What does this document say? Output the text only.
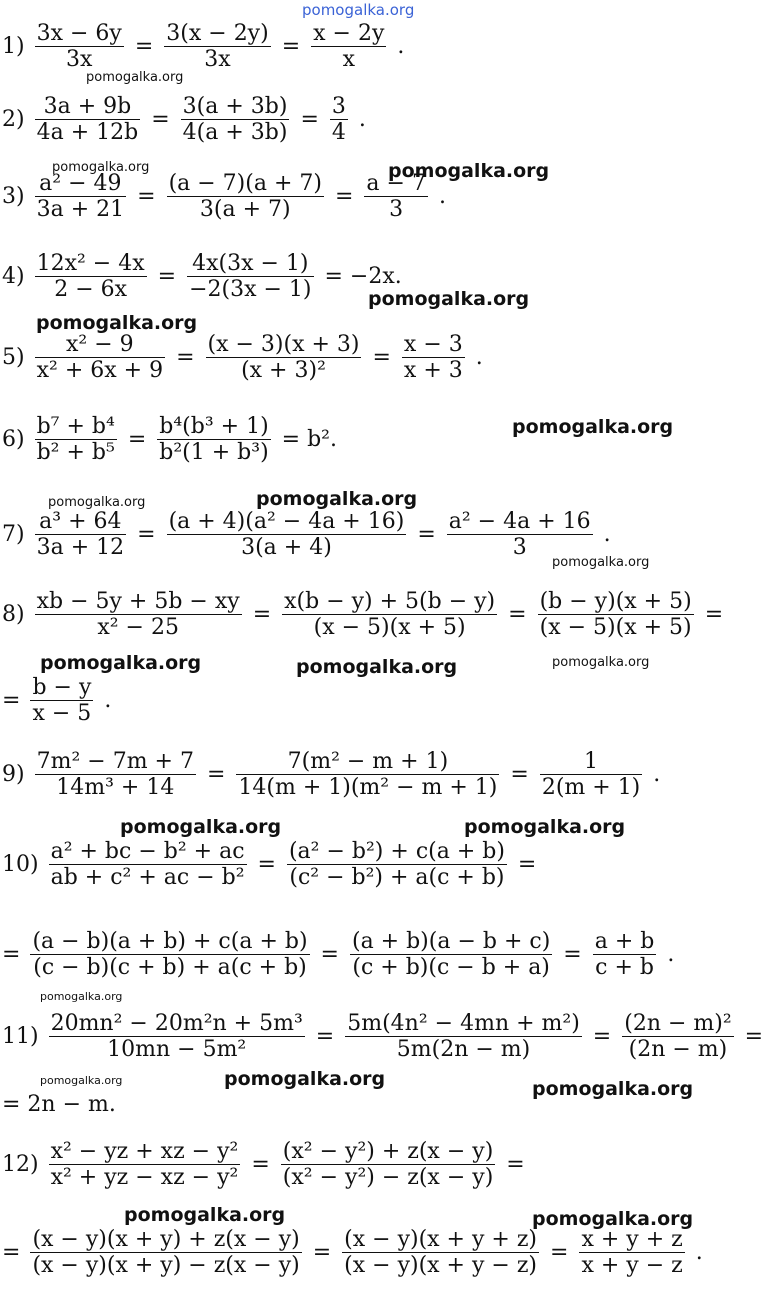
pomogalka.org
pomogalka.org
pomogalka.org	pomogalka.org
pomogalka.org
pomogalka.org
pomogalka.org
pomogalka.org	pomogalka.org
pomogalka.org
pomogalka.org	pomogalka.org	pomogalka.org
pomogalka.org	pomogalka.org
pomogalka.org
pomogalka.org	pomogalka.org	pomogalka.org
pomogalka.org	pomogalka.org
$1) \frac{3x - 6y}{3x} = \frac{3(x - 2y)}{3x} = \frac{x - 2y}{x}$ .
$2) \frac{3a + 9b}{4a + 12b} = \frac{3(a + 3b)}{4(a + 3b)} = \frac{3}{4}$ .
$3) \frac{\text{a² − 49}}{3a + 21} = \frac{(a - 7)(a + 7)}{3(a + 7)} = \frac{a - 7}{3}$ .
$4) \frac{\text{12x² − 4x}}{2 - 6x} = \frac{4x(3x - 1)}{-2(3x - 1)} = -2x$.
$5) \frac{\text{x² − 9}}{\text{x² + 6x + 9}} = \frac{(x - 3)(x + 3)}{\text{(x + 3)²}} = \frac{x - 3}{x + 3}$ .
$6) \frac{\text{b⁷ + b⁴}}{\text{b² + b⁵}} = \frac{\text{b⁴(b³ + 1)}}{\text{b²(1 + b³)}} = b^2$.
$7) \frac{\text{a³ + 64}}{3a + 12} = \frac{\text{(a + 4)(a² − 4a + 16)}}{3(a + 4)} = \frac{\text{a² − 4a + 16}}{3}$ .
$8) \frac{xb - 5y + 5b - xy}{\text{x² − 25}} = \frac{x(b - y) + 5(b - y)}{(x - 5)(x + 5)} = \frac{(b - y)(x + 5)}{(x - 5)(x + 5)}$ =
= $\frac{b - y}{x - 5}$ .
$9) \frac{\text{7m² − 7m + 7}}{\text{14m³ + 14}} = \frac{\text{7(m² − m + 1)}}{\text{14(m + 1)(m² − m + 1)}} = \frac{1}{2(m + 1)}$ .
$10) \frac{\text{a² + bc − b² + ac}}{\text{ab + c² + ac − b²}} = \frac{\text{(a² − b²) + c(a + b)}}{\text{(c² − b²) + a(c + b)}}$ =
= $\frac{(a - b)(a + b) + c(a + b)}{(c - b)(c + b) + a(c + b)} = \frac{(a + b)(a - b + c)}{(c + b)(c - b + a)} = \frac{a + b}{c + b}$ .
$11) \frac{\text{20mn² − 20m²n + 5m³}}{\text{10mn − 5m²}} = \frac{\text{5m(4n² − 4mn + m²)}}{5m(2n - m)} = \frac{\text{(2n − m)²}}{(2n - m)}$ =
= 2n − m.
$12) \frac{\text{x² − yz + xz − y²}}{\text{x² + yz − xz − y²}} = \frac{\text{(x² − y²) + z(x − y)}}{\text{(x² − y²) − z(x − y)}}$ =
= $\frac{(x - y)(x + y) + z(x - y)}{(x - y)(x + y) - z(x - y)} = \frac{(x - y)(x + y + z)}{(x - y)(x + y - z)} = \frac{x + y + z}{x + y - z}$ .
